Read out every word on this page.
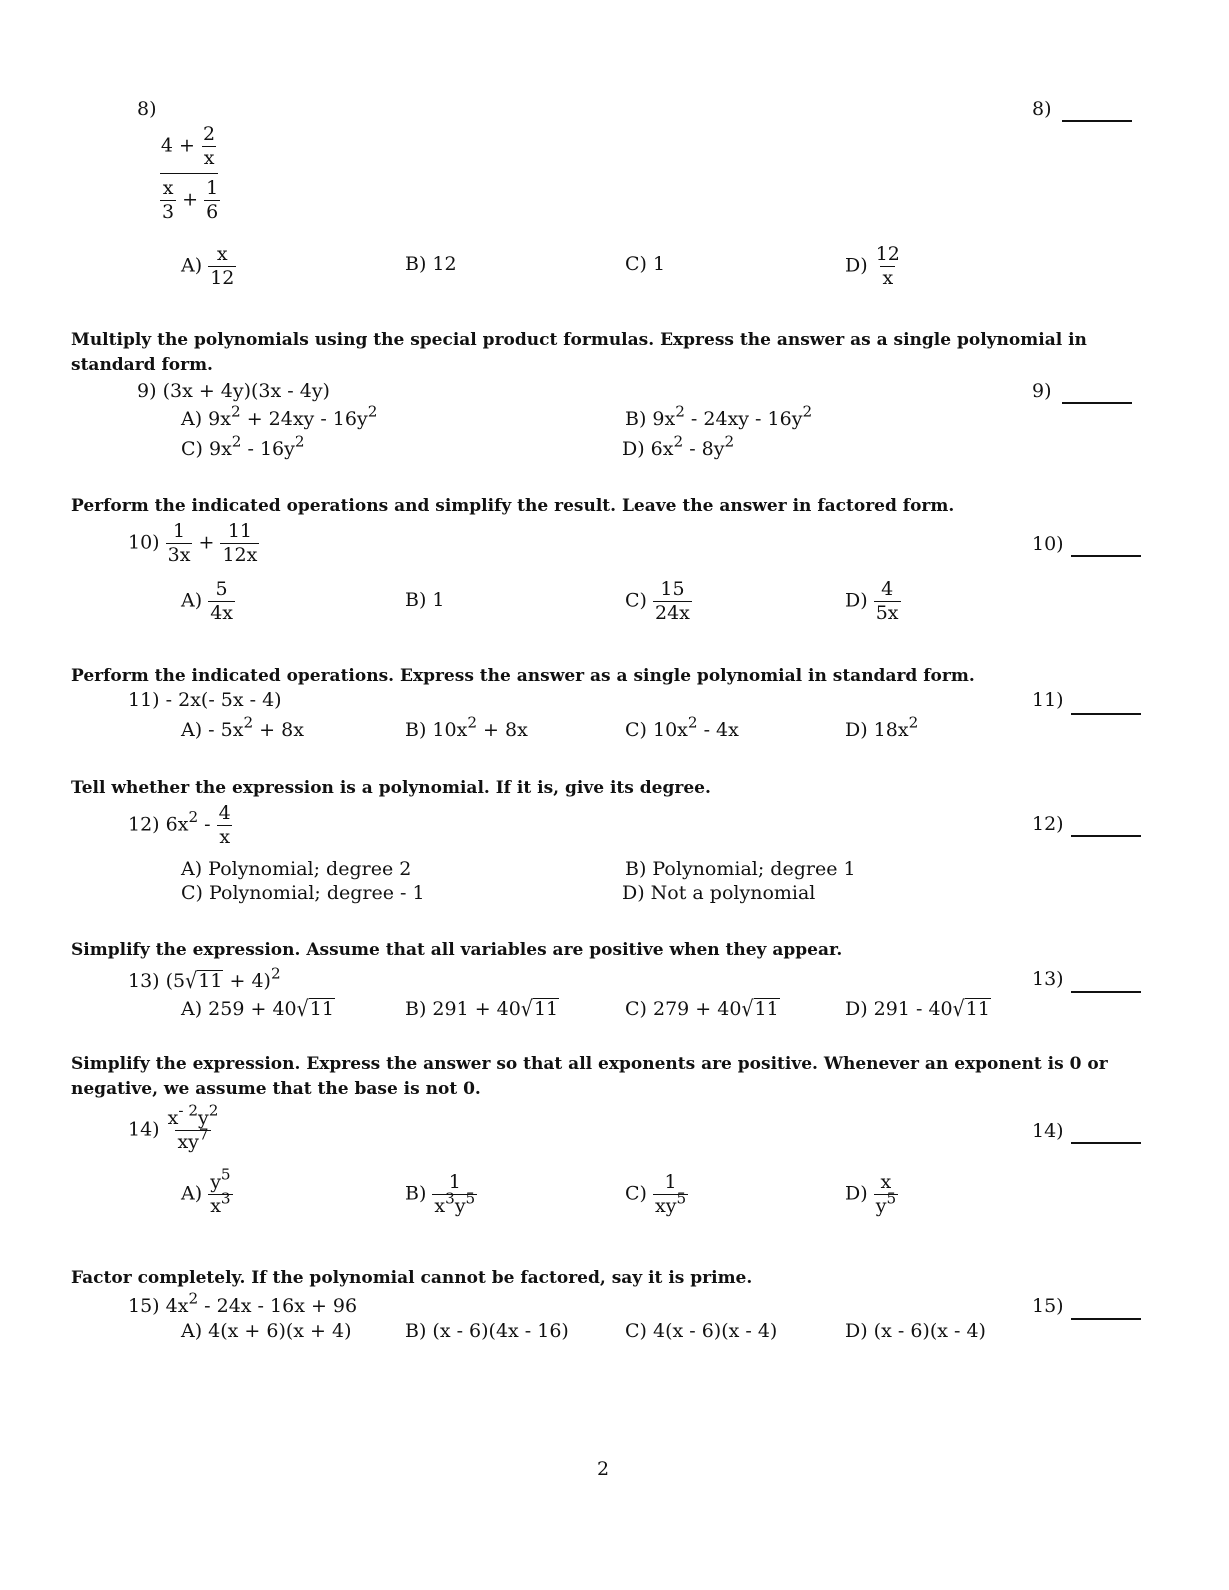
8)	8)
$4 + \frac{2}{x}$
$\frac{x}{3} + \frac{1}{6}$
$A) \frac{x}{12}$	B) 12	C) 1	$D) \frac{12}{x}$
Multiply the polynomials using the special product formulas. Express the answer as a single polynomial in standard form.
9) (3x + 4y)(3x - 4y)	9)
A) $9x^2 + 24xy - 16y^2$	B) $9x^2 - 24xy - 16y^2$
C) $9x^2 - 16y^2$	D) $6x^2 - 8y^2$
Perform the indicated operations and simplify the result. Leave the answer in factored form.
$10) \frac{1}{3x} + \frac{11}{12x}$	10)
$A) \frac{5}{4x}$	B) 1	$C) \frac{15}{24x}$	$D) \frac{4}{5x}$
Perform the indicated operations. Express the answer as a single polynomial in standard form.
11) - 2x(- 5x - 4)	11)
$A) - 5x^2 + 8x$	B) $10x^2 + 8x$	C) $10x^2 - 4x$	D) $18x^2$
Tell whether the expression is a polynomial. If it is, give its degree.
12) $6x^2 - \frac{4}{x}$	12)
A) Polynomial; degree 2	B) Polynomial; degree 1
C) Polynomial; degree - 1	D) Not a polynomial
Simplify the expression. Assume that all variables are positive when they appear.
13) $(5√11 + 4)^2$	13)
A) 259 + 40√11	B) 291 + 40√11	C) 279 + 40√11	D) 291 - 40√11
Simplify the expression. Express the answer so that all exponents are positive. Whenever an exponent is 0 or negative, we assume that the base is not 0.
$14) \frac{x^{- 2}y^2}{xy^7}$	14)
$A) \frac{y^5}{x^3}$	$B) \frac{1}{x^3y^5}$	$C) \frac{1}{xy^5}$	$D) \frac{x}{y^5}$
Factor completely. If the polynomial cannot be factored, say it is prime.
15) $4x^2 - 24x - 16x + 96$	15)
A) 4(x + 6)(x + 4)	B) (x - 6)(4x - 16)	C) 4(x - 6)(x - 4)	D) (x - 6)(x - 4)
2
